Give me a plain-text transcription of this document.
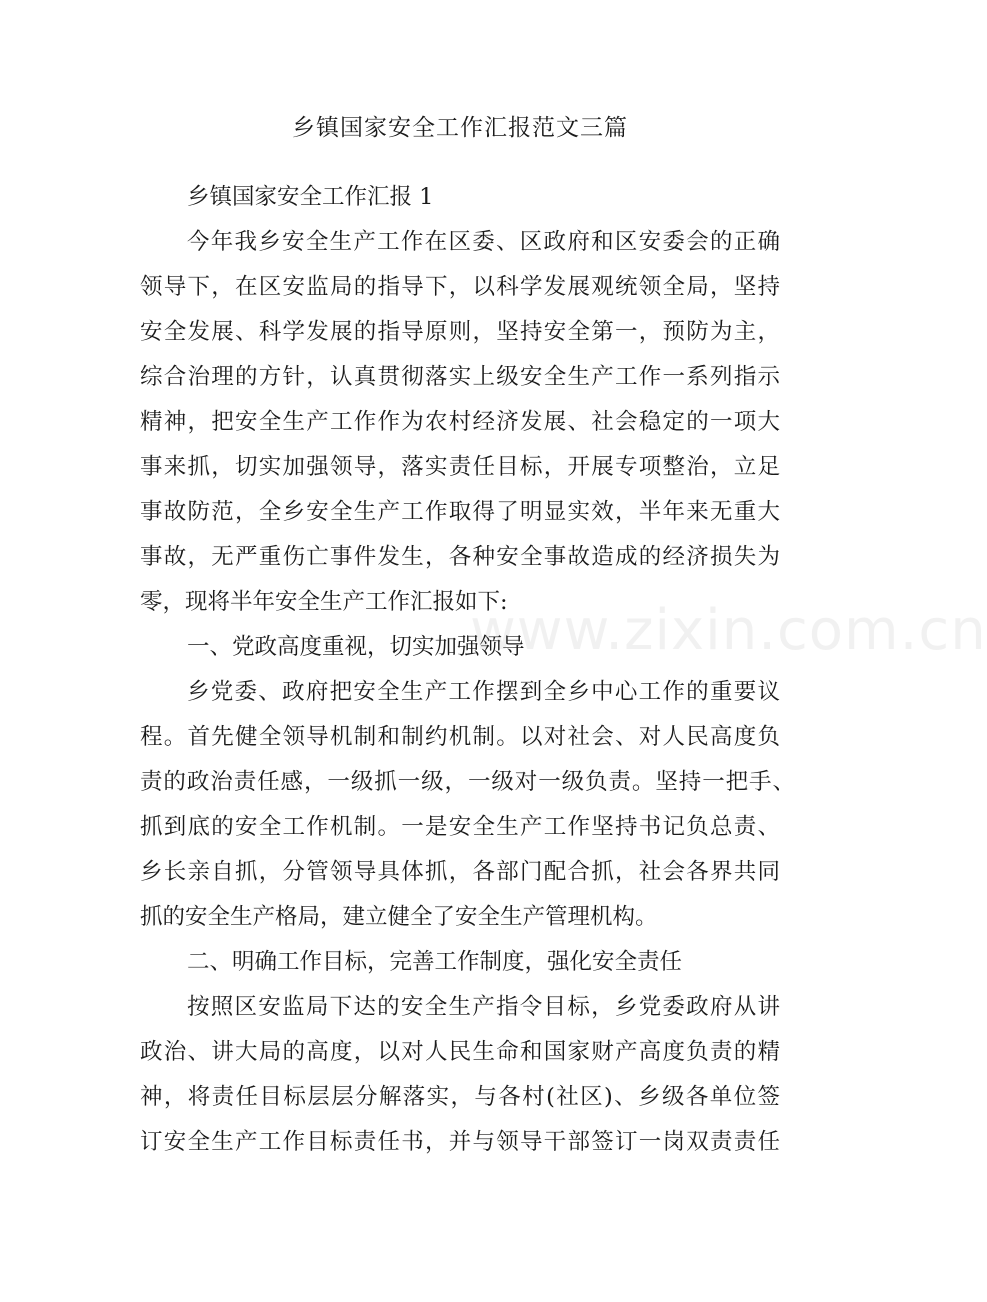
乡镇国家安全工作汇报范文三篇

乡镇国家安全工作汇报 1

今年我乡安全生产工作在区委、区政府和区安委会的正确

领导下，在区安监局的指导下，以科学发展观统领全局，坚持

安全发展、科学发展的指导原则，坚持安全第一，预防为主，

综合治理的方针，认真贯彻落实上级安全生产工作一系列指示

精神，把安全生产工作作为农村经济发展、社会稳定的一项大

事来抓，切实加强领导，落实责任目标，开展专项整治，立足

事故防范，全乡安全生产工作取得了明显实效，半年来无重大

事故，无严重伤亡事件发生，各种安全事故造成的经济损失为

零，现将半年安全生产工作汇报如下:

一、党政高度重视，切实加强领导

乡党委、政府把安全生产工作摆到全乡中心工作的重要议

程。首先健全领导机制和制约机制。以对社会、对人民高度负

责的政治责任感，一级抓一级，一级对一级负责。坚持一把手、

抓到底的安全工作机制。一是安全生产工作坚持书记负总责、

乡长亲自抓，分管领导具体抓，各部门配合抓，社会各界共同

抓的安全生产格局，建立健全了安全生产管理机构。

二、明确工作目标，完善工作制度，强化安全责任

按照区安监局下达的安全生产指令目标，乡党委政府从讲

政治、讲大局的高度，以对人民生命和国家财产高度负责的精

神，将责任目标层层分解落实，与各村(社区)、乡级各单位签

订安全生产工作目标责任书，并与领导干部签订一岗双责责任

www.zixin.com.cn
